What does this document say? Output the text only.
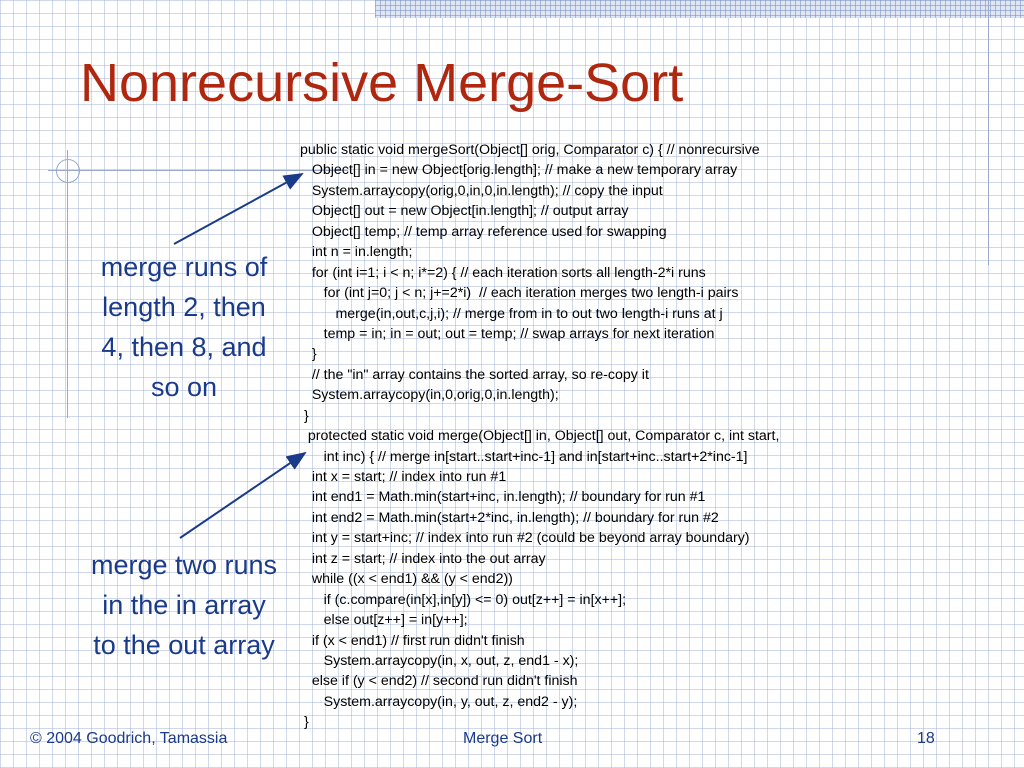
Nonrecursive Merge-Sort
public static void mergeSort(Object[] orig, Comparator c) { // nonrecursive
Object[] in = new Object[orig.length]; // make a new temporary array
System.arraycopy(orig,0,in,0,in.length); // copy the input
Object[] out = new Object[in.length]; // output array
Object[] temp; // temp array reference used for swapping
int n = in.length;
for (int i=1; i < n; i*=2) { // each iteration sorts all length-2*i runs
for (int j=0; j < n; j+=2*i)  // each iteration merges two length-i pairs
merge(in,out,c,j,i); // merge from in to out two length-i runs at j
temp = in; in = out; out = temp; // swap arrays for next iteration
}
// the "in" array contains the sorted array, so re-copy it
System.arraycopy(in,0,orig,0,in.length);
}
protected static void merge(Object[] in, Object[] out, Comparator c, int start,
int inc) { // merge in[start..start+inc-1] and in[start+inc..start+2*inc-1]
int x = start; // index into run #1
int end1 = Math.min(start+inc, in.length); // boundary for run #1
int end2 = Math.min(start+2*inc, in.length); // boundary for run #2
int y = start+inc; // index into run #2 (could be beyond array boundary)
int z = start; // index into the out array
while ((x < end1) && (y < end2))
if (c.compare(in[x],in[y]) <= 0) out[z++] = in[x++];
else out[z++] = in[y++];
if (x < end1) // first run didn't finish
System.arraycopy(in, x, out, z, end1 - x);
else if (y < end2) // second run didn't finish
System.arraycopy(in, y, out, z, end2 - y);
}
merge runs of
length 2, then
4, then 8, and
so on
merge two runs
in the in array
to the out array
© 2004 Goodrich, Tamassia	Merge Sort	18
